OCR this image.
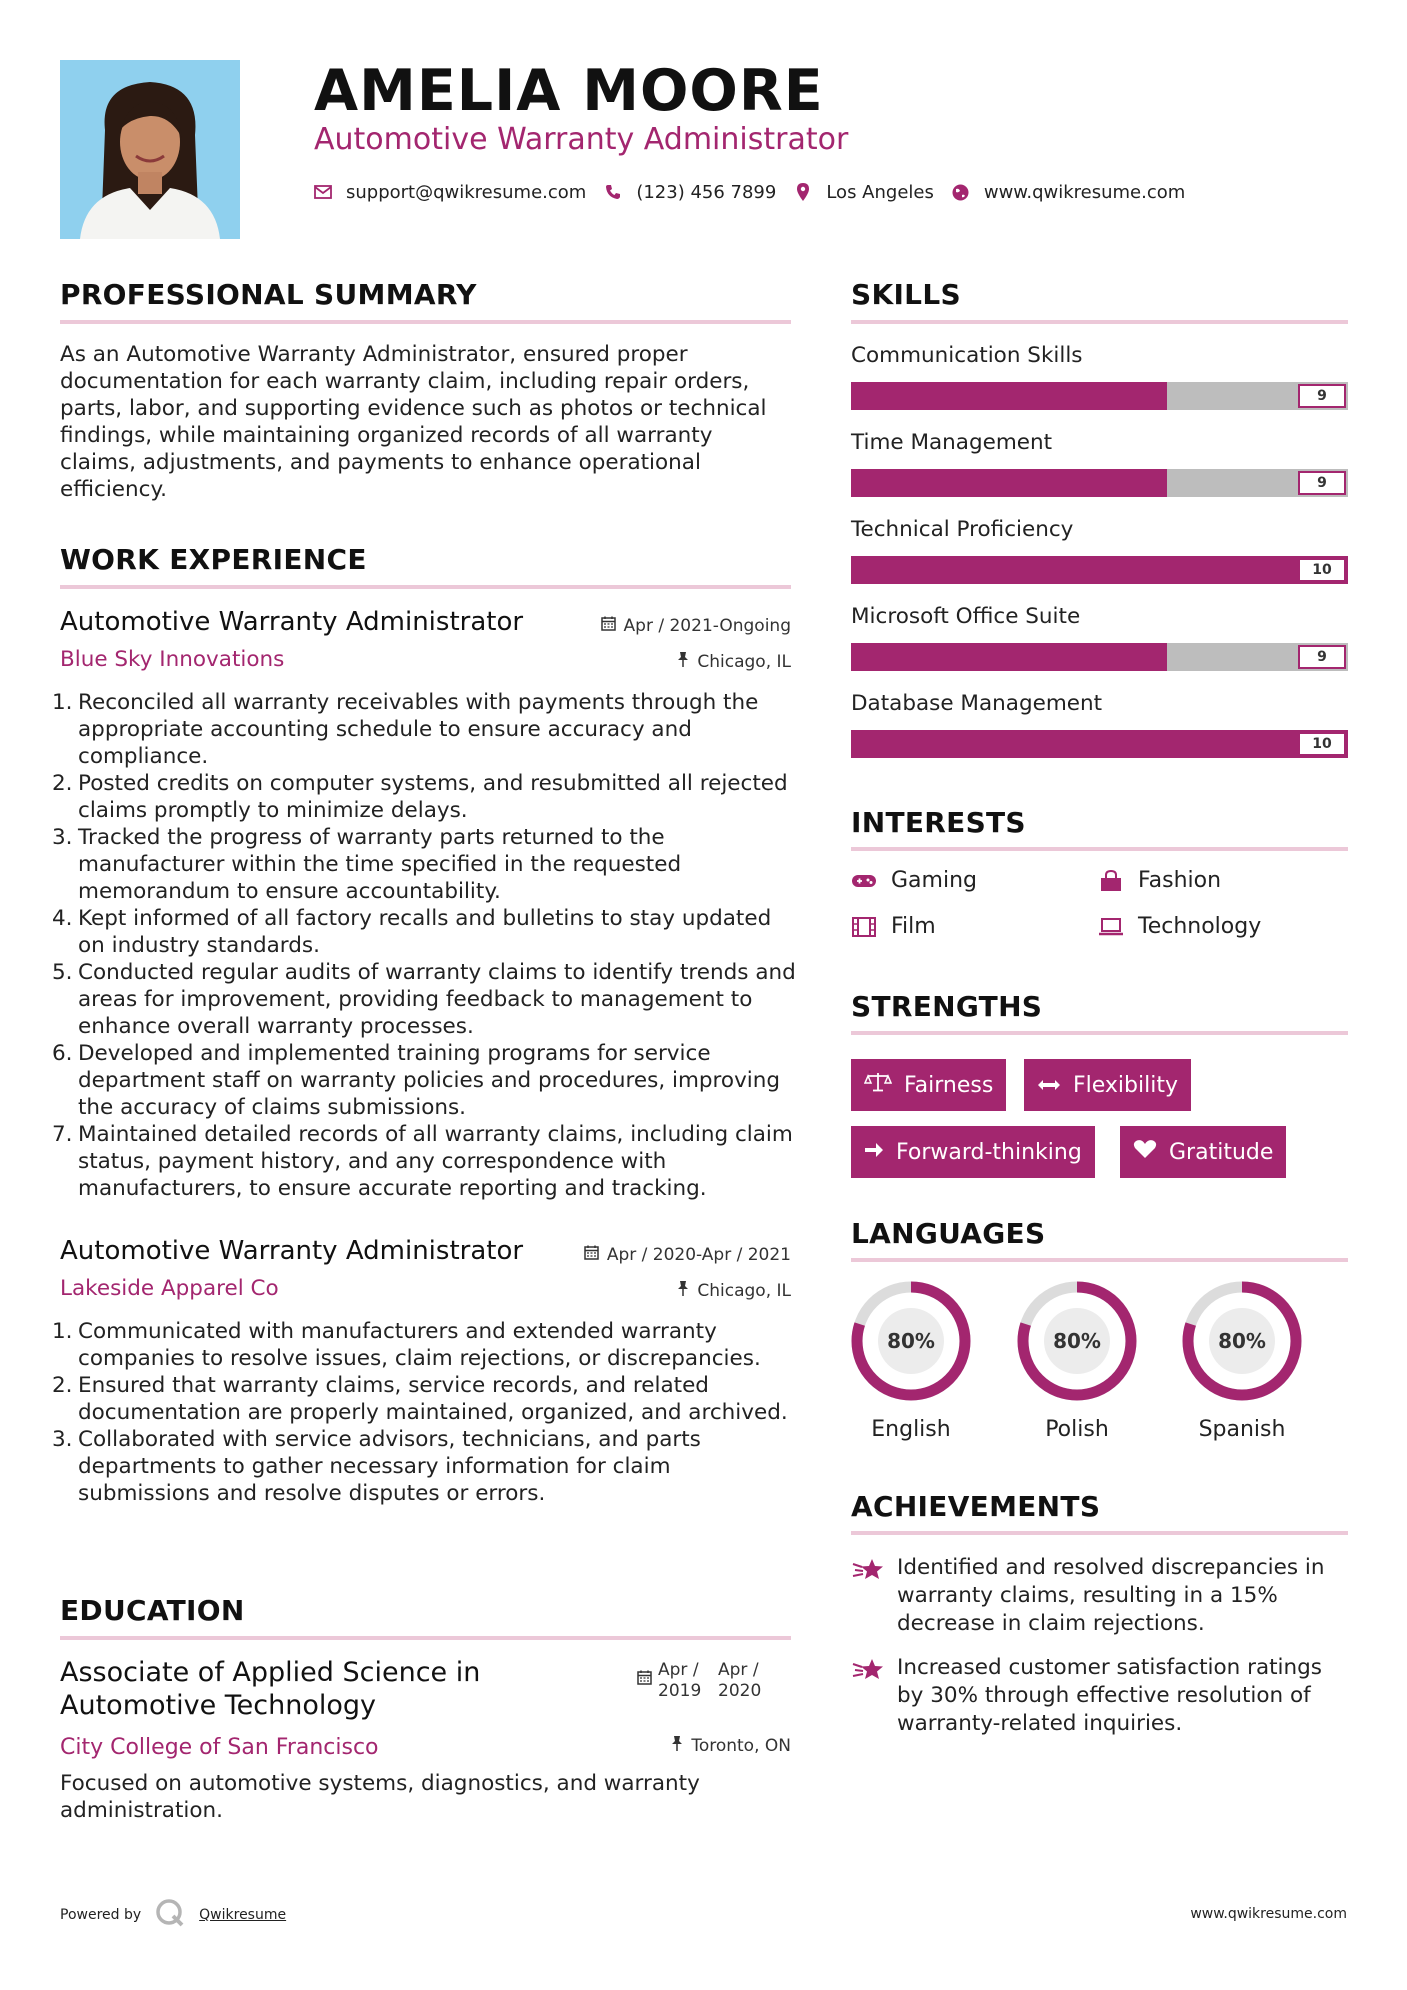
AMELIA MOORE
Automotive Warranty Administrator
support@qwikresume.com	(123) 456 7899	Los Angeles	www.qwikresume.com
PROFESSIONAL SUMMARY
As an Automotive Warranty Administrator, ensured proper documentation for each warranty claim, including repair orders, parts, labor, and supporting evidence such as photos or technical findings, while maintaining organized records of all warranty claims, adjustments, and payments to enhance operational efficiency.
WORK EXPERIENCE
Automotive Warranty Administrator	Apr / 2021-Ongoing
Blue Sky Innovations	Chicago, IL
1. Reconciled all warranty receivables with payments through the appropriate accounting schedule to ensure accuracy and compliance.
2. Posted credits on computer systems, and resubmitted all rejected claims promptly to minimize delays.
3. Tracked the progress of warranty parts returned to the manufacturer within the time specified in the requested memorandum to ensure accountability.
4. Kept informed of all factory recalls and bulletins to stay updated on industry standards.
5. Conducted regular audits of warranty claims to identify trends and areas for improvement, providing feedback to management to enhance overall warranty processes.
6. Developed and implemented training programs for service department staff on warranty policies and procedures, improving the accuracy of claims submissions.
7. Maintained detailed records of all warranty claims, including claim status, payment history, and any correspondence with manufacturers, to ensure accurate reporting and tracking.
Automotive Warranty Administrator	Apr / 2020-Apr / 2021
Lakeside Apparel Co	Chicago, IL
1. Communicated with manufacturers and extended warranty companies to resolve issues, claim rejections, or discrepancies.
2. Ensured that warranty claims, service records, and related documentation are properly maintained, organized, and archived.
3. Collaborated with service advisors, technicians, and parts departments to gather necessary information for claim submissions and resolve disputes or errors.
EDUCATION
Associate of Applied Science in Automotive Technology
Apr / 2019
Apr / 2020
City College of San Francisco	Toronto, ON
Focused on automotive systems, diagnostics, and warranty administration.
SKILLS
Communication Skills
9
Time Management
9
Technical Proficiency
10
Microsoft Office Suite
9
Database Management
10
INTERESTS
Gaming	Fashion
Film	Technology
STRENGTHS
Fairness	Flexibility
Forward-thinking	Gratitude
LANGUAGES
80%
English
80%
Polish
80%
Spanish
ACHIEVEMENTS
Identified and resolved discrepancies in warranty claims, resulting in a 15% decrease in claim rejections.
Increased customer satisfaction ratings by 30% through effective resolution of warranty-related inquiries.
Powered by	Qwikresume	www.qwikresume.com
